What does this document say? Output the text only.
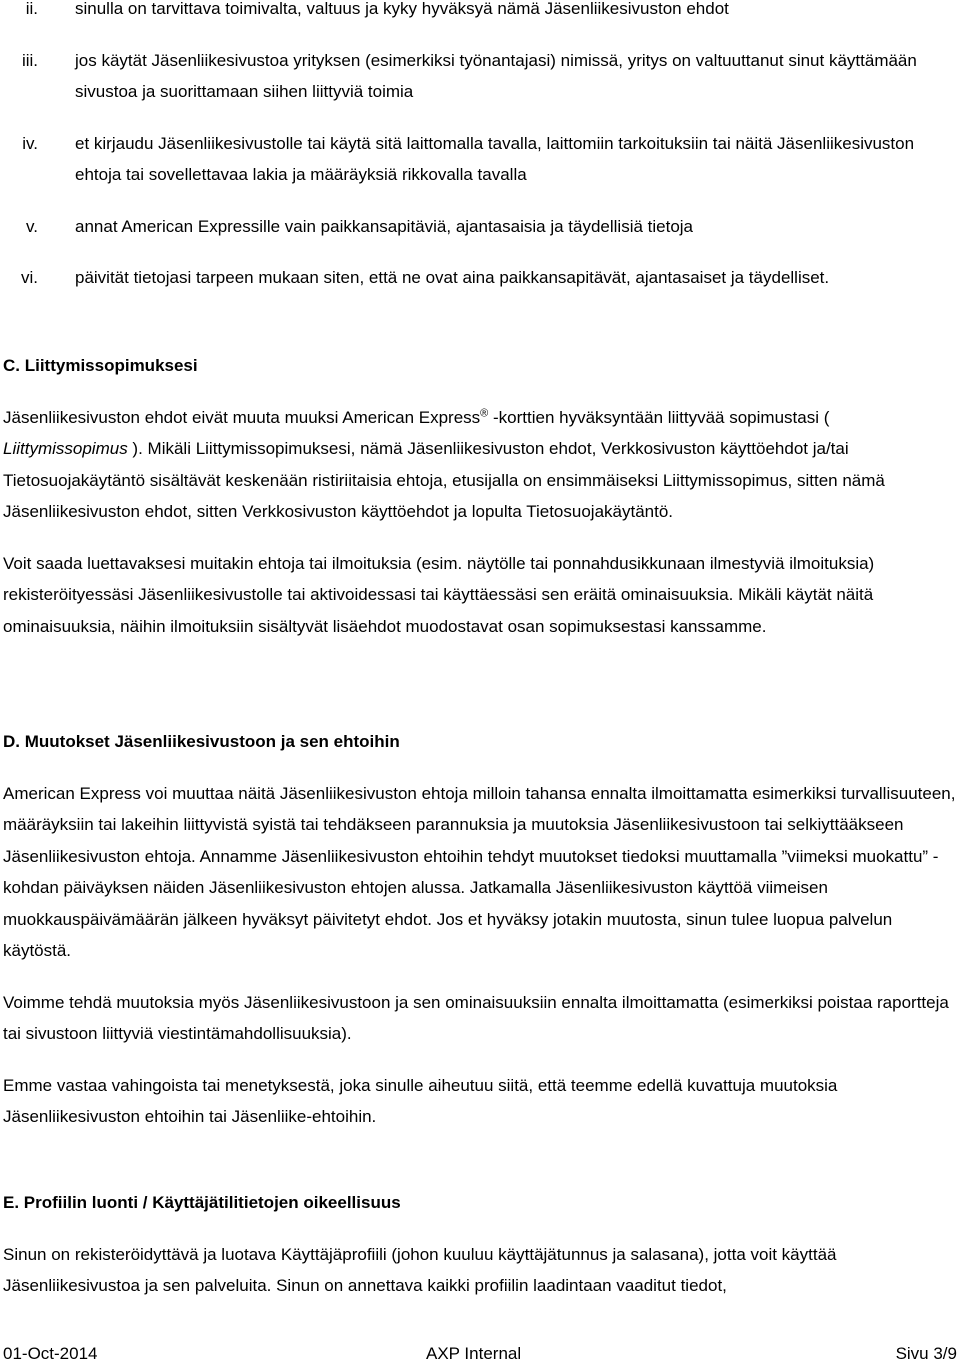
ii. sinulla on tarvittava toimivalta, valtuus ja kyky hyväksyä nämä Jäsenliikesivuston ehdot
iii. jos käytät Jäsenliikesivustoa yrityksen (esimerkiksi työnantajasi) nimissä, yritys on valtuuttanut sinut käyttämään sivustoa ja suorittamaan siihen liittyviä toimia
iv. et kirjaudu Jäsenliikesivustolle tai käytä sitä laittomalla tavalla, laittomiin tarkoituksiin tai näitä Jäsenliikesivuston ehtoja tai sovellettavaa lakia ja määräyksiä rikkovalla tavalla
v. annat American Expressille vain paikkansapitäviä, ajantasaisia ja täydellisiä tietoja
vi. päivität tietojasi tarpeen mukaan siten, että ne ovat aina paikkansapitävät, ajantasaiset ja täydelliset.

C. Liittymissopimuksesi

Jäsenliikesivuston ehdot eivät muuta muuksi American Express® -korttien hyväksyntään liittyvää sopimustasi ( Liittymissopimus ). Mikäli Liittymissopimuksesi, nämä Jäsenliikesivuston ehdot, Verkkosivuston käyttöehdot ja/tai Tietosuojakäytäntö sisältävät keskenään ristiriitaisia ehtoja, etusijalla on ensimmäiseksi Liittymissopimus, sitten nämä Jäsenliikesivuston ehdot, sitten Verkkosivuston käyttöehdot ja lopulta Tietosuojakäytäntö.

Voit saada luettavaksesi muitakin ehtoja tai ilmoituksia (esim. näytölle tai ponnahdusikkunaan ilmestyviä ilmoituksia) rekisteröityessäsi Jäsenliikesivustolle tai aktivoidessasi tai käyttäessäsi sen eräitä ominaisuuksia. Mikäli käytät näitä ominaisuuksia, näihin ilmoituksiin sisältyvät lisäehdot muodostavat osan sopimuksestasi kanssamme.

D. Muutokset Jäsenliikesivustoon ja sen ehtoihin

American Express voi muuttaa näitä Jäsenliikesivuston ehtoja milloin tahansa ennalta ilmoittamatta esimerkiksi turvallisuuteen, määräyksiin tai lakeihin liittyvistä syistä tai tehdäkseen parannuksia ja muutoksia Jäsenliikesivustoon tai selkiyttääkseen Jäsenliikesivuston ehtoja. Annamme Jäsenliikesivuston ehtoihin tehdyt muutokset tiedoksi muuttamalla ”viimeksi muokattu” -kohdan päiväyksen näiden Jäsenliikesivuston ehtojen alussa. Jatkamalla Jäsenliikesivuston käyttöä viimeisen muokkauspäivämäärän jälkeen hyväksyt päivitetyt ehdot. Jos et hyväksy jotakin muutosta, sinun tulee luopua palvelun käytöstä.

Voimme tehdä muutoksia myös Jäsenliikesivustoon ja sen ominaisuuksiin ennalta ilmoittamatta (esimerkiksi poistaa raportteja tai sivustoon liittyviä viestintämahdollisuuksia).

Emme vastaa vahingoista tai menetyksestä, joka sinulle aiheutuu siitä, että teemme edellä kuvattuja muutoksia Jäsenliikesivuston ehtoihin tai Jäsenliike-ehtoihin.

E. Profiilin luonti / Käyttäjätilitietojen oikeellisuus

Sinun on rekisteröidyttävä ja luotava Käyttäjäprofiili (johon kuuluu käyttäjätunnus ja salasana), jotta voit käyttää Jäsenliikesivustoa ja sen palveluita. Sinun on annettava kaikki profiilin laadintaan vaaditut tiedot,

01-Oct-2014	AXP Internal	Sivu 3/9
